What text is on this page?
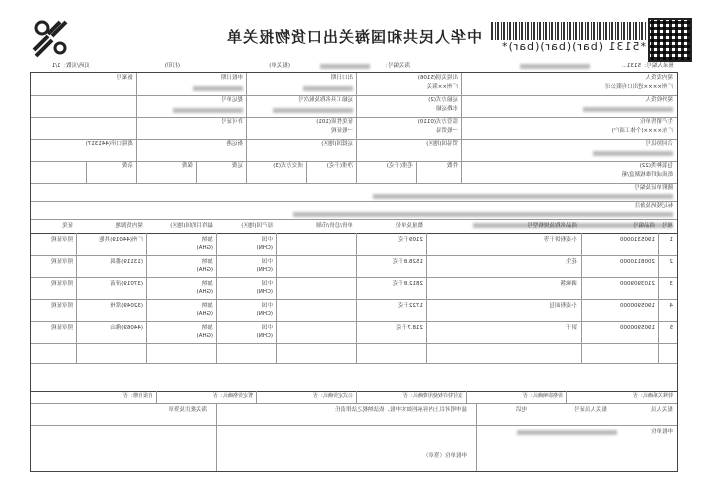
*5131 (bar)(bar)(bar)*
中华人民共和国海关出口货物报关单
预录入编号：5131…
海关编号：
(报关单)
(打印)
页码/页数：1/1
境内发货人
广州××××进出口有限公司
出境关别(5106)
广州××海关
出口日期
申报日期
备案号
境外收货人
运输方式(2)
水路运输
运输工具名称及航次号
提运单号
生产销售单位
广东××××(个体工商户)
监管方式(0110)
一般贸易
征免性质(101)
一般征税
许可证号
合同协议号
贸易国(地区)
运抵国(地区)
指运港
离境口岸(441317)
包装种类(22)
纸质或纤维板制盒/箱
件数
毛重(千克)
净重(千克)
成交方式(3)
运费
保费
杂费
随附单证及编号
标记唛码及备注
项号
商品编号
商品名称及规格型号
数量及单位
单价/总价/币制
原产国(地区)
最终目的国(地区)
境内货源地
征免
1
1905310000
小麦粉饼干等
2109千克
中国
(CHN)
加纳
(GHA)
广州(44019)其他
照章征税
2
2008110000
花生
1528.8千克
中国
(CHN)
加纳
(GHA)
(13119)番禺
照章征税
3
2103909000
调味酱
2812.8千克
中国
(CHN)
加纳
(GHA)
(37019)济南
照章征税
4
1905900000
小麦粉面包
1722千克
中国
(CHN)
加纳
(GHA)
(32049)常州
照章征税
5
1905900000
饼干
218.7千克
中国
(CHN)
加纳
(GHA)
(44069)佛山
照章征税
特殊关系确认：否
价格影响确认：否
支付特许权使用费确认：否
公式定价确认：否
暂定价格确认：否
自报自缴：否
报关人员
报关人员证号
电话
兹申明对以上内容承担如实申报、依法纳税之法律责任
海关批注及签章
申报单位
申报单位（签章）
